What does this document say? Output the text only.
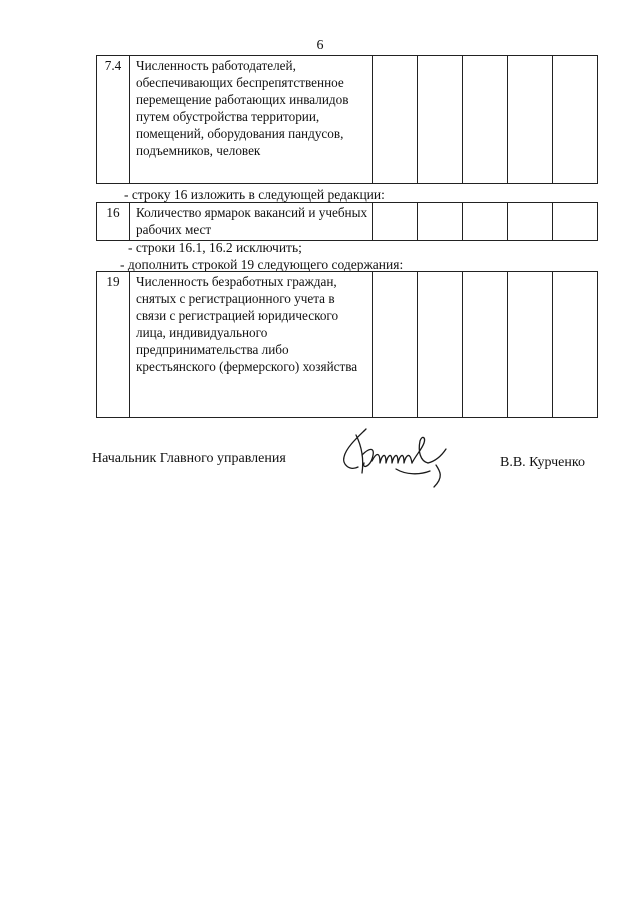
6
7.4	Численность работодателей, обеспечивающих беспрепятственное перемещение работающих инвалидов путем обустройства территории, помещений, оборудования пандусов, подъемников, человек					
- строку 16 изложить в следующей редакции:
16	Количество ярмарок вакансий и учебных рабочих мест					
- строки 16.1, 16.2 исключить;
- дополнить строкой 19 следующего содержания:
19	Численность безработных граждан, снятых с регистрационного учета в связи с регистрацией юридического лица, индивидуального предпринимательства либо крестьянского (фермерского) хозяйства					
Начальник Главного управления	В.В. Курченко
